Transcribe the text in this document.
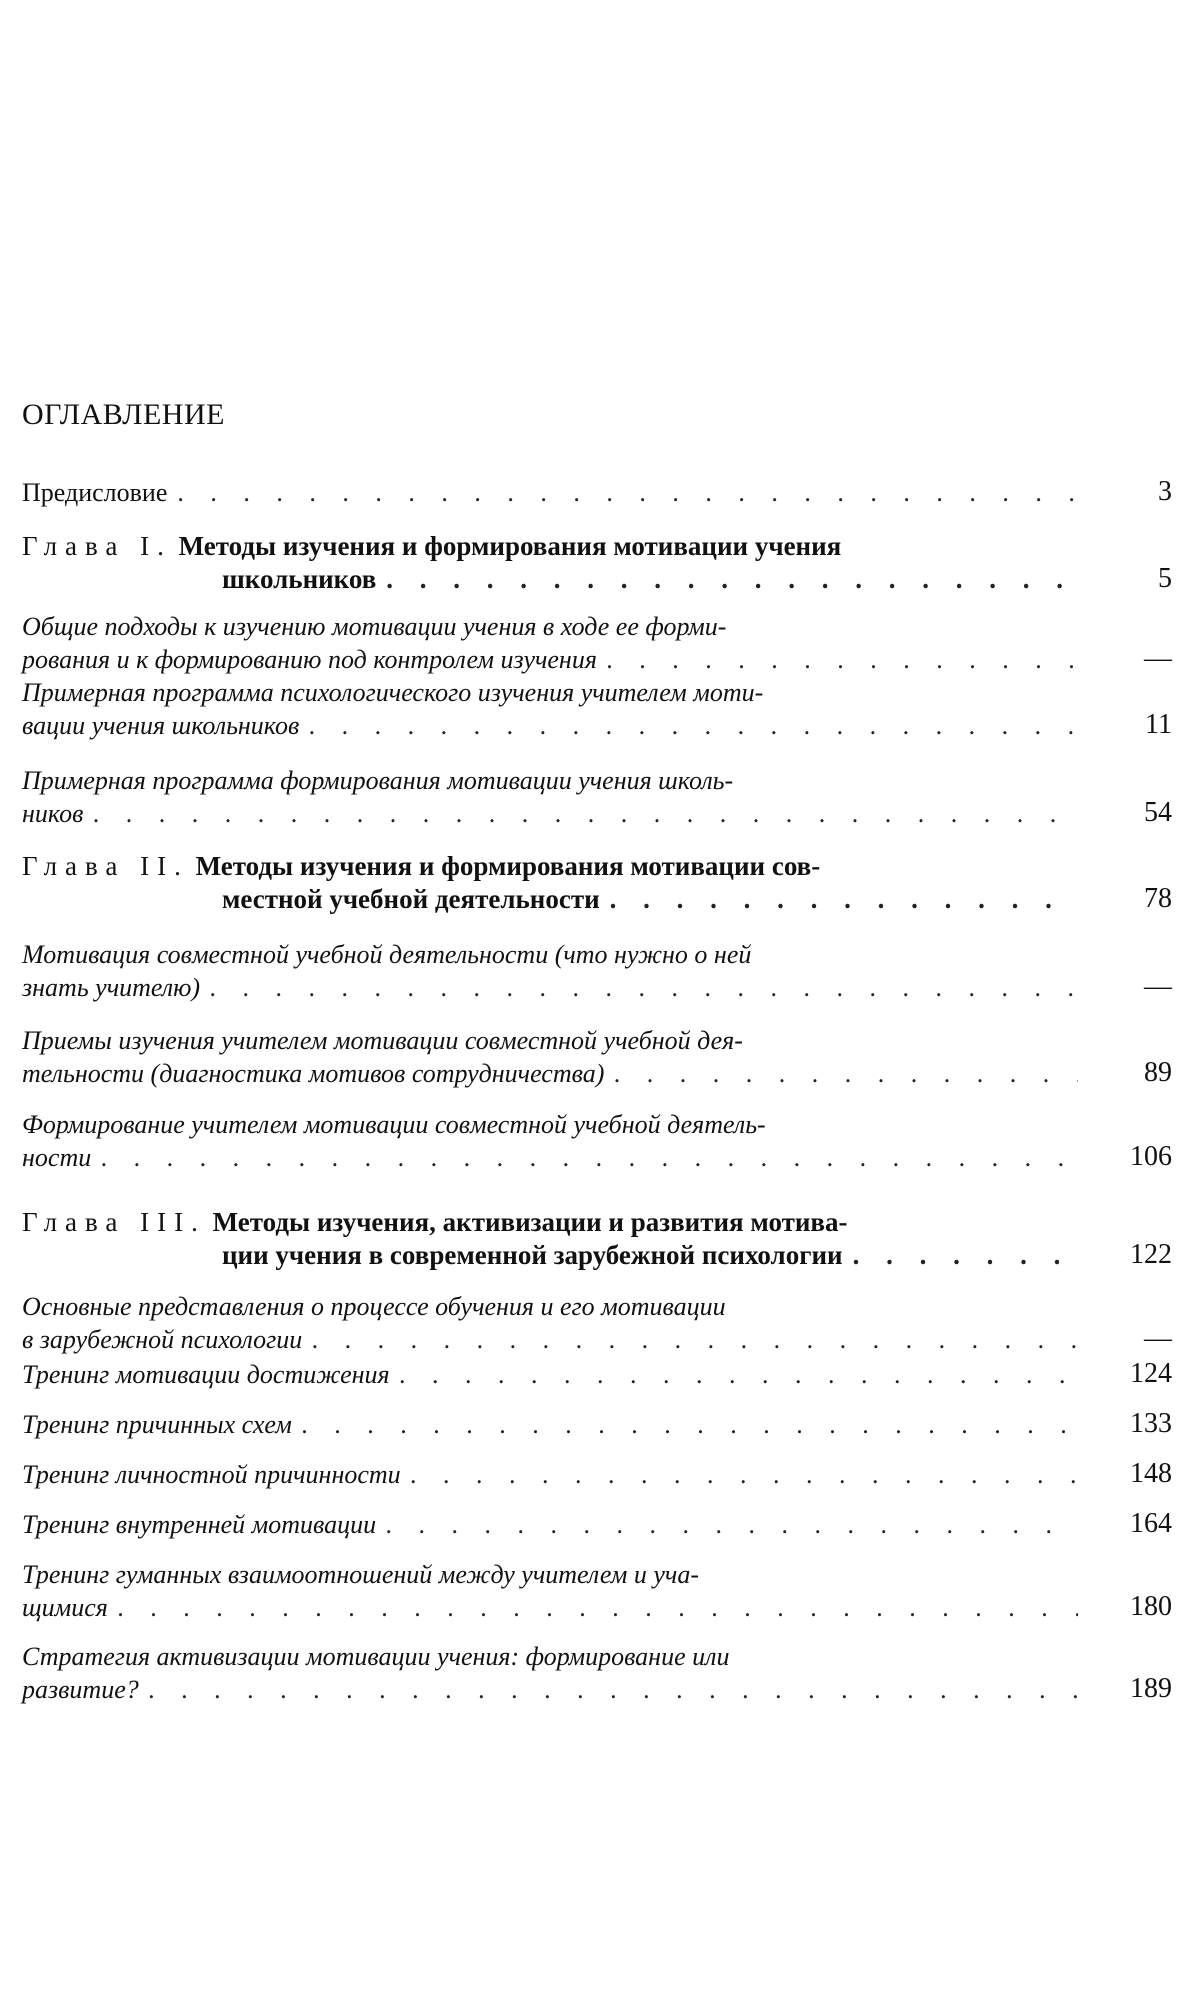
ОГЛАВЛЕНИЕ
Предисловие . . .	3
Глава I. Методы изучения и формирования мотивации учения
школьников . . .	5
Общие подходы к изучению мотивации учения в ходе ее форми-
рования и к формированию под контролем изучения . . .	—
Примерная программа психологического изучения учителем моти-
вации учения школьников . . .	11
Примерная программа формирования мотивации учения школь-
ников . . .	54
Глава II. Методы изучения и формирования мотивации сов-
местной учебной деятельности . . .	78
Мотивация совместной учебной деятельности (что нужно о ней
знать учителю) . . .	—
Приемы изучения учителем мотивации совместной учебной дея-
тельности (диагностика мотивов сотрудничества) . . .	89
Формирование учителем мотивации совместной учебной деятель-
ности . . .	106
Глава III. Методы изучения, активизации и развития мотива-
ции учения в современной зарубежной психологии . . .	122
Основные представления о процессе обучения и его мотивации
в зарубежной психологии . . .	—
Тренинг мотивации достижения . . .	124
Тренинг причинных схем . . .	133
Тренинг личностной причинности . . .	148
Тренинг внутренней мотивации . . .	164
Тренинг гуманных взаимоотношений между учителем и уча-
щимися . . .	180
Стратегия активизации мотивации учения: формирование или
развитие? . . .	189
